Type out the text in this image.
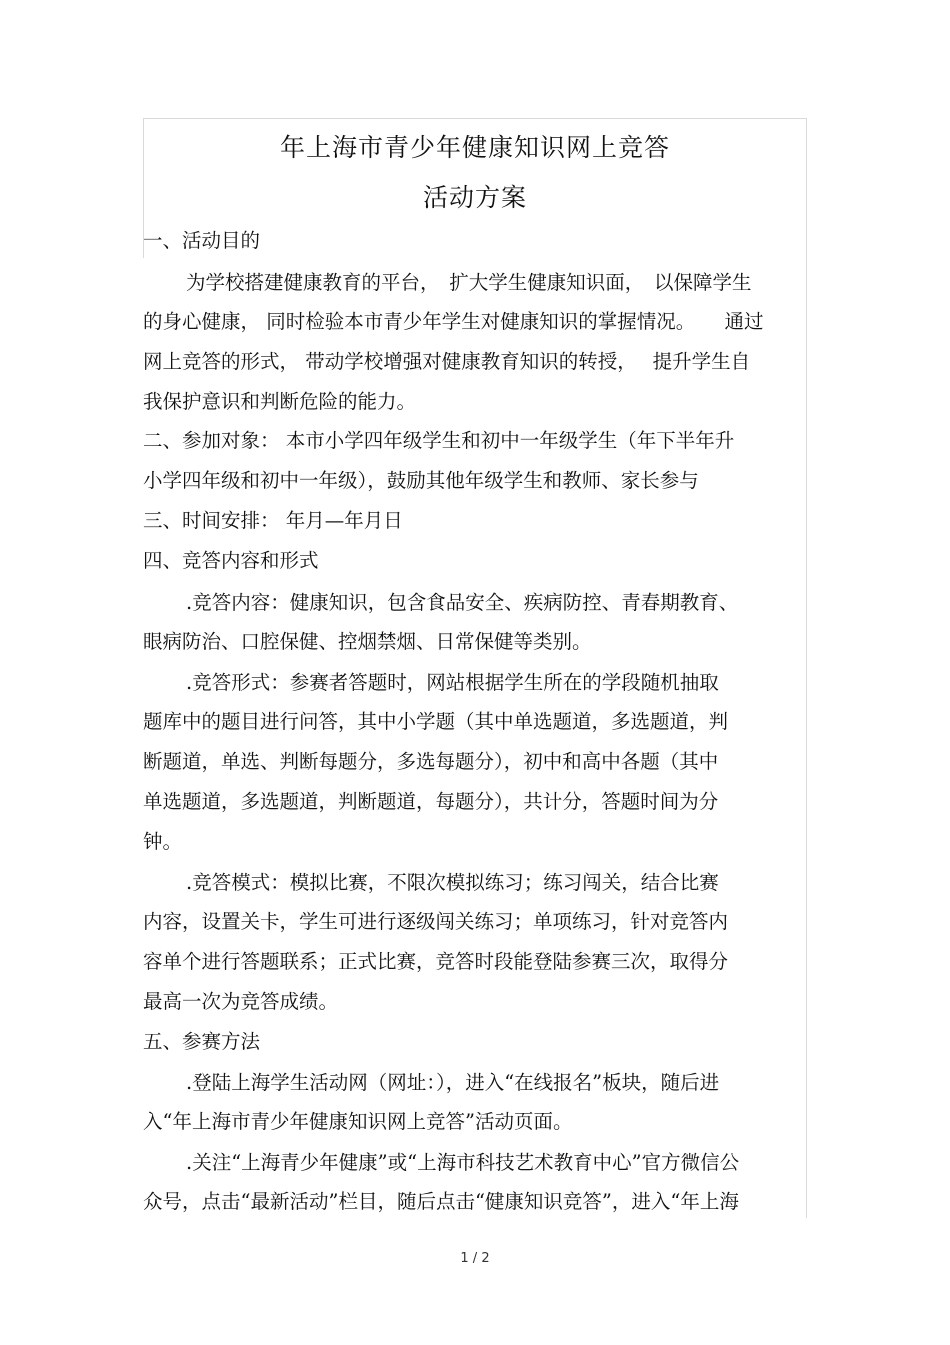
年上海市青少年健康知识网上竞答
活动方案
一、活动目的
为学校搭建健康教育的平台，　扩大学生健康知识面，　以保障学生
的身心健康， 同时检验本市青少年学生对健康知识的掌握情况。　　通过
网上竞答的形式， 带动学校增强对健康教育知识的转授，　 提升学生自
我保护意识和判断危险的能力。
二、参加对象： 本市小学四年级学生和初中一年级学生（年下半年升
小学四年级和初中一年级），鼓励其他年级学生和教师、家长参与
三、时间安排： 年月—年月日
四、竞答内容和形式
.竞答内容：健康知识，包含食品安全、疾病防控、青春期教育、
眼病防治、口腔保健、控烟禁烟、日常保健等类别。
.竞答形式：参赛者答题时，网站根据学生所在的学段随机抽取
题库中的题目进行问答，其中小学题（其中单选题道，多选题道，判
断题道，单选、判断每题分，多选每题分），初中和高中各题（其中
单选题道，多选题道，判断题道，每题分），共计分，答题时间为分
钟。
.竞答模式：模拟比赛，不限次模拟练习；练习闯关，结合比赛
内容，设置关卡，学生可进行逐级闯关练习；单项练习，针对竞答内
容单个进行答题联系；正式比赛，竞答时段能登陆参赛三次，取得分
最高一次为竞答成绩。
五、参赛方法
.登陆上海学生活动网（网址：），进入“在线报名”板块，随后进
入“年上海市青少年健康知识网上竞答”活动页面。
.关注“上海青少年健康”或“上海市科技艺术教育中心”官方微信公
众号，点击“最新活动”栏目，随后点击“健康知识竞答”，进入“年上海
1 / 2
